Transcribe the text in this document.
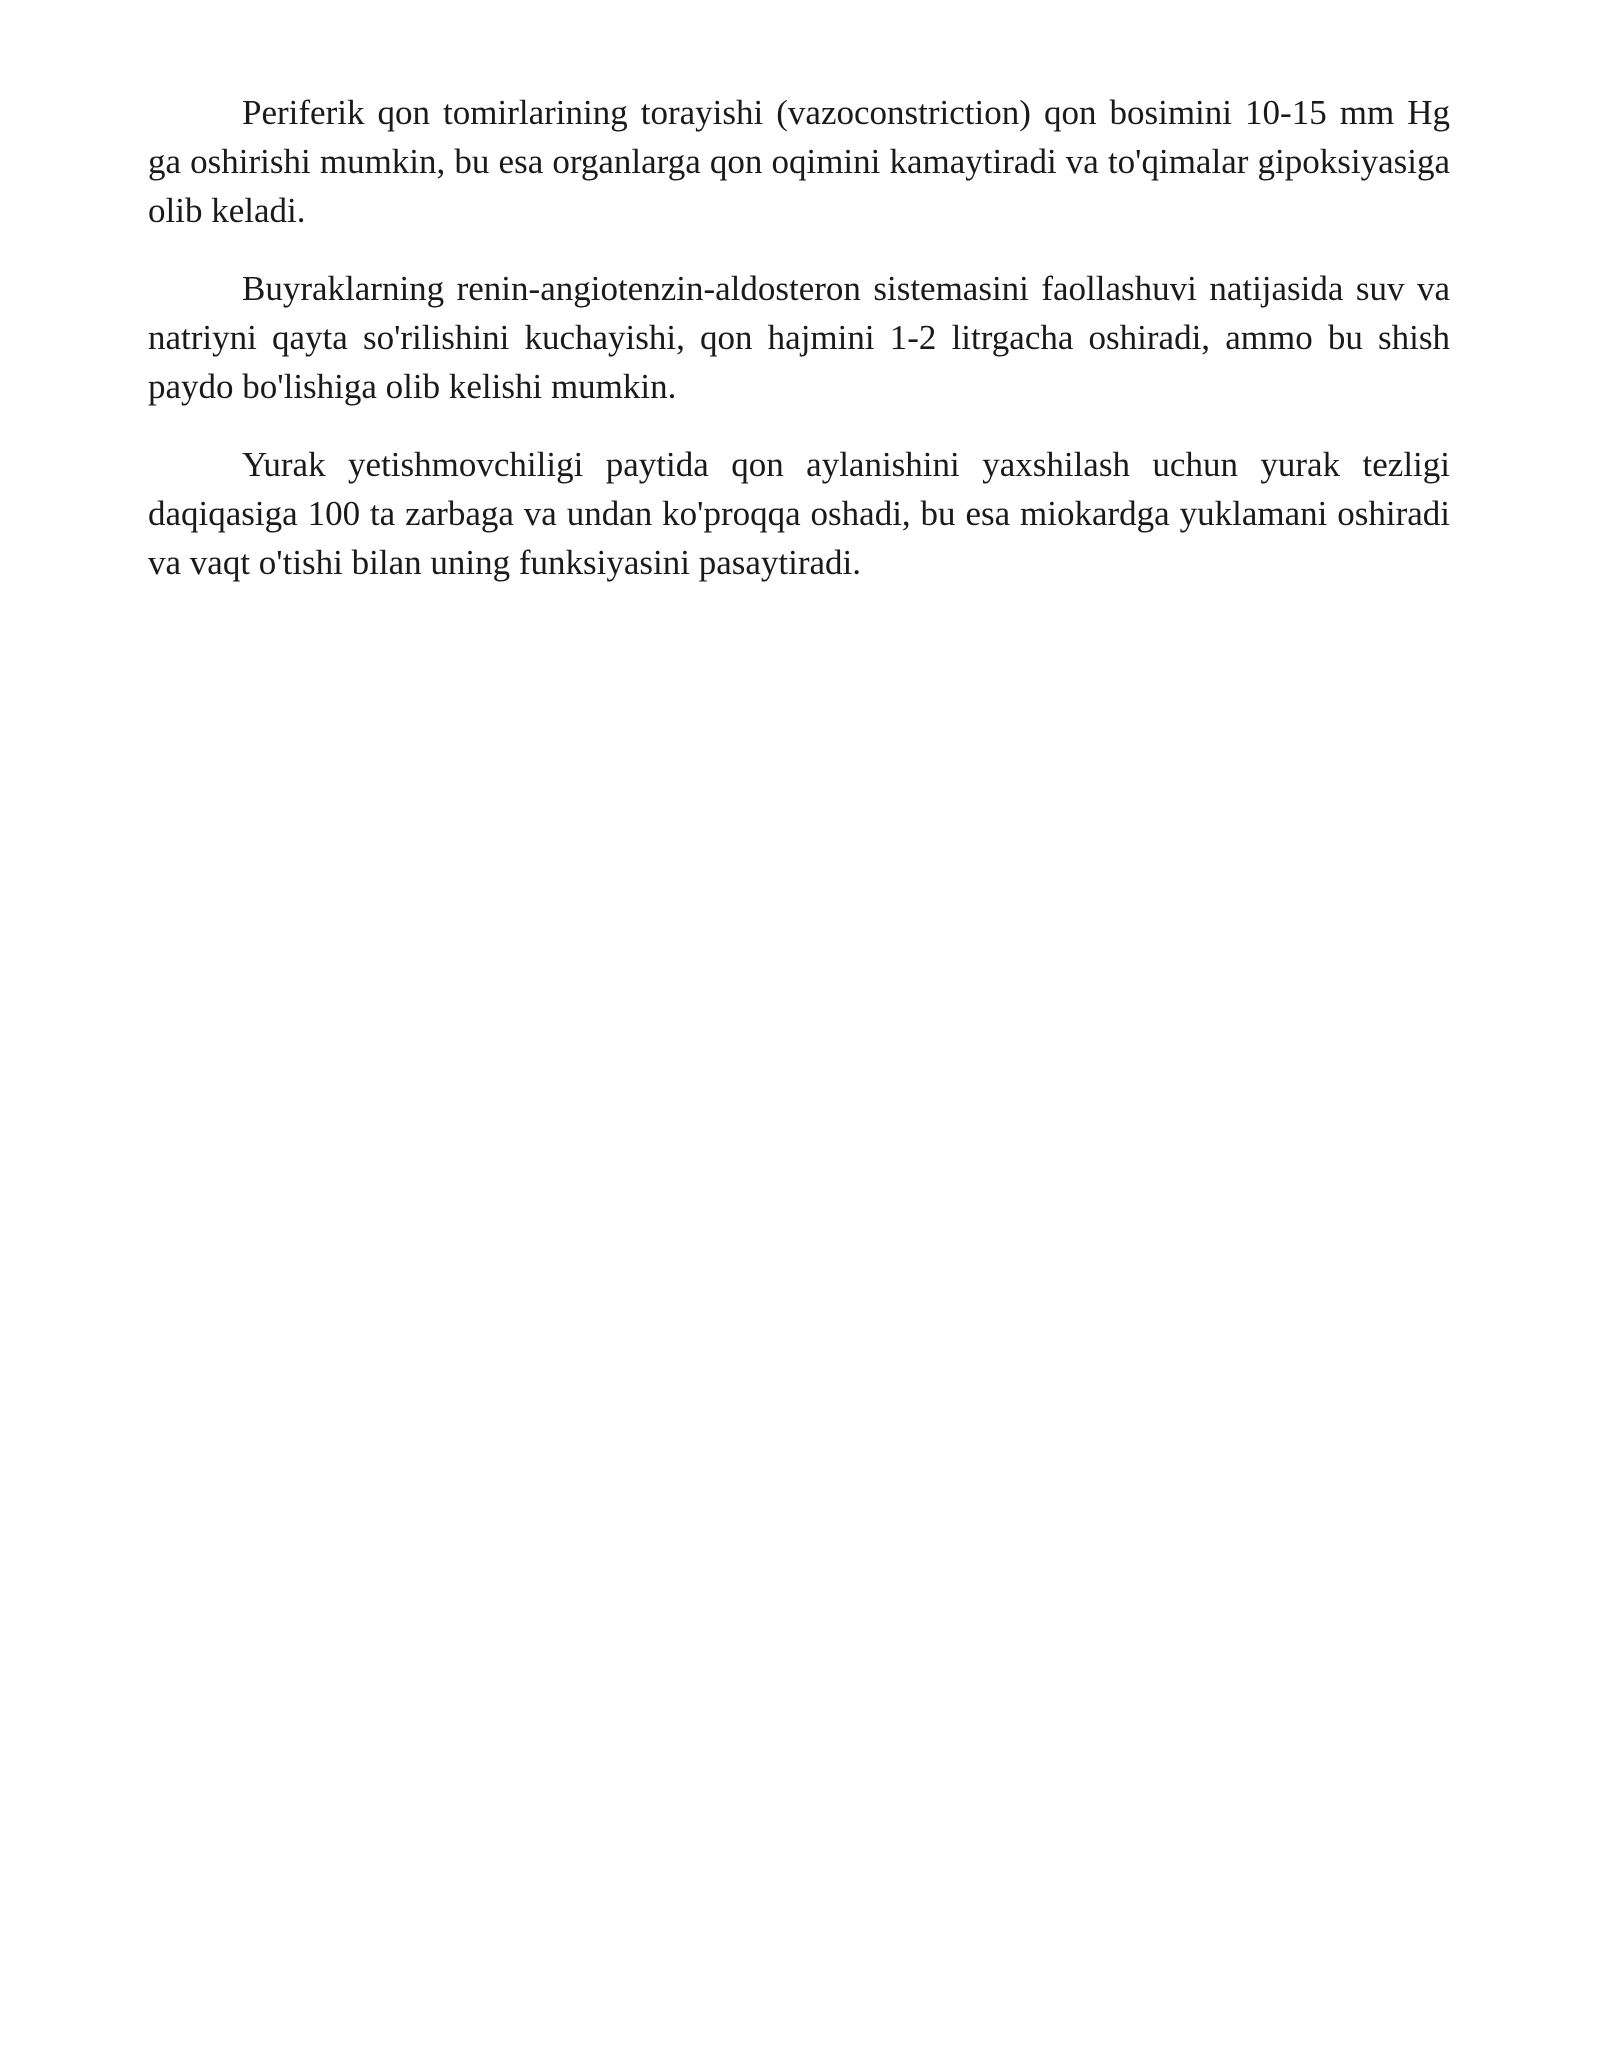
Periferik qon tomirlarining torayishi (vazoconstriction) qon bosimini 10-15 mm Hg ga oshirishi mumkin, bu esa organlarga qon oqimini kamaytiradi va to'qimalar gipoksiyasiga olib keladi.

Buyraklarning renin-angiotenzin-aldosteron sistemasini faollashuvi natijasida suv va natriyni qayta so'rilishini kuchayishi, qon hajmini 1-2 litrgacha oshiradi, ammo bu shish paydo bo'lishiga olib kelishi mumkin.

Yurak yetishmovchiligi paytida qon aylanishini yaxshilash uchun yurak tezligi daqiqasiga 100 ta zarbaga va undan ko'proqqa oshadi, bu esa miokardga yuklamani oshiradi va vaqt o'tishi bilan uning funksiyasini pasaytiradi.
